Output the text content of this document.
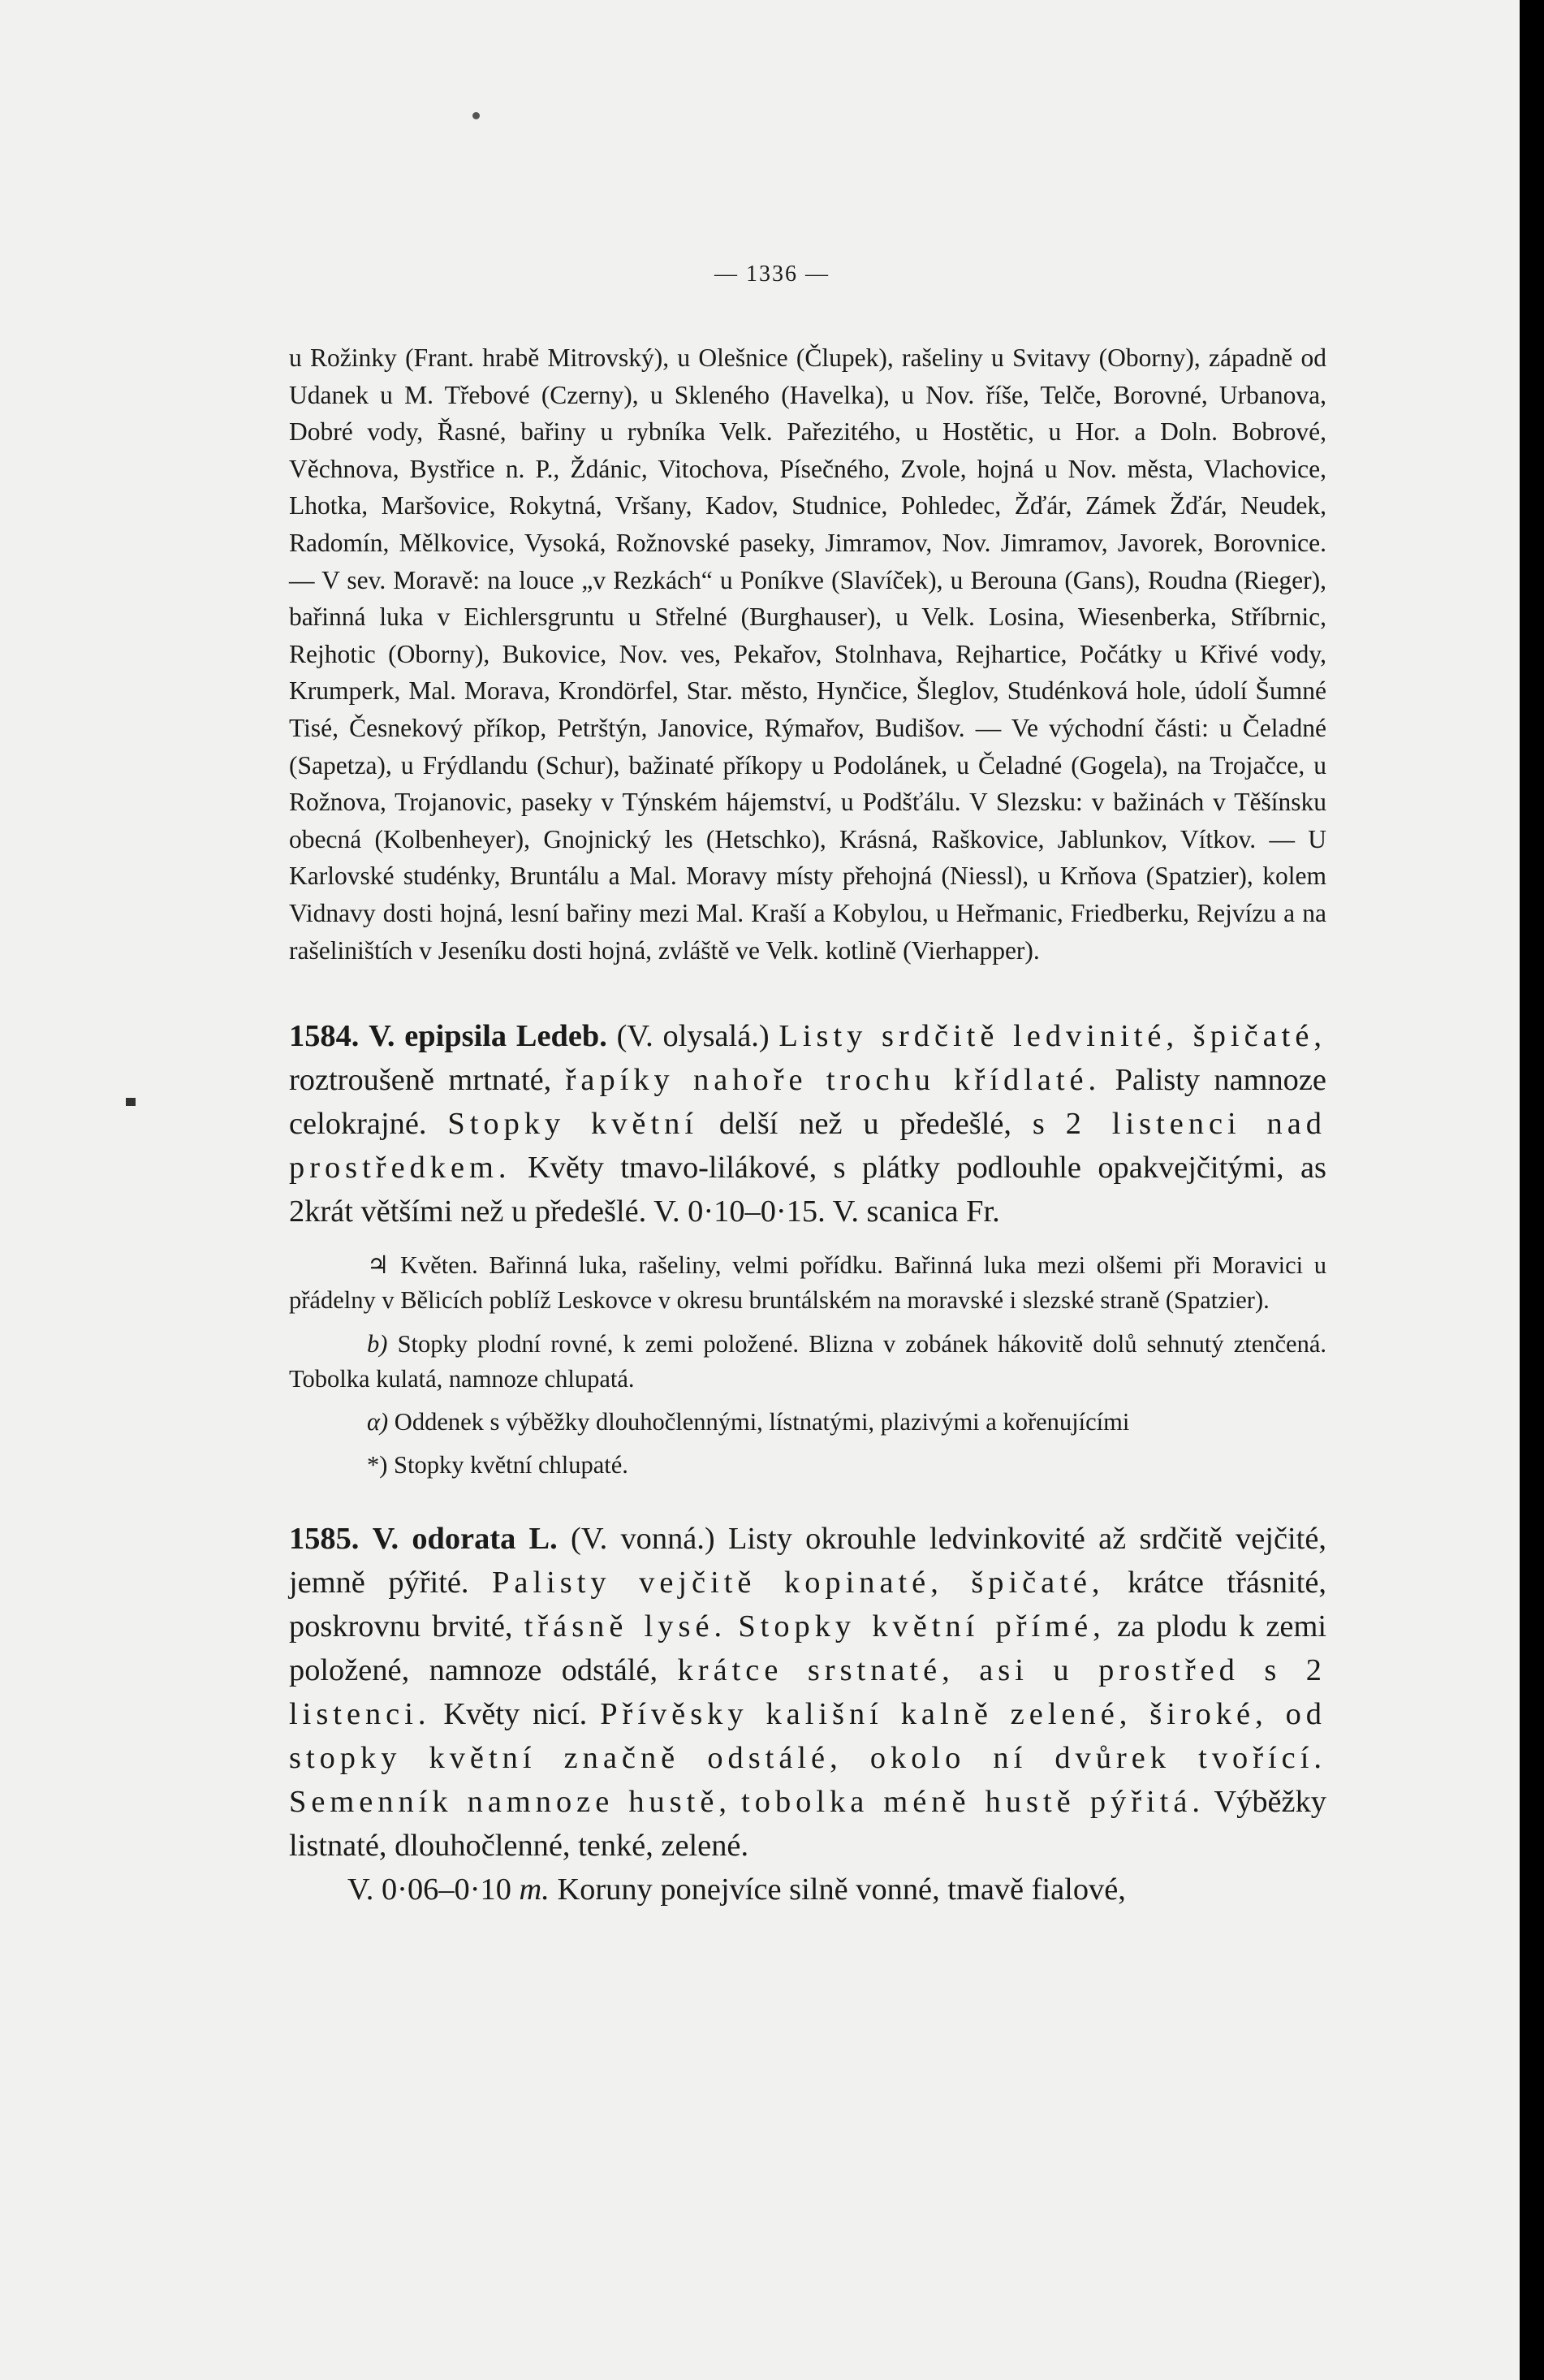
— 1336 —

u Rožinky (Frant. hrabě Mitrovský), u Olešnice (Člupek), rašeliny u Svitavy (Oborny), západně od Udanek u M. Třebové (Czerny), u Skleného (Havelka), u Nov. říše, Telče, Borovné, Urbanova, Dobré vody, Řasné, bařiny u rybníka Velk. Pařezitého, u Hostětic, u Hor. a Doln. Bobrové, Věchnova, Bystřice n. P., Ždánic, Vitochova, Písečného, Zvole, hojná u Nov. města, Vlachovice, Lhotka, Maršovice, Rokytná, Vršany, Kadov, Studnice, Pohledec, Žďár, Zámek Žďár, Neudek, Radomín, Mělkovice, Vysoká, Rožnovské paseky, Jimramov, Nov. Jimramov, Javorek, Borovnice. — V sev. Moravě: na louce „v Rezkách“ u Poníkve (Slavíček), u Berouna (Gans), Roudna (Rieger), bařinná luka v Eichlersgruntu u Střelné (Burghauser), u Velk. Losina, Wiesenberka, Stříbrnic, Rejhotic (Oborny), Bukovice, Nov. ves, Pekařov, Stolnhava, Rejhartice, Počátky u Křivé vody, Krumperk, Mal. Morava, Krondörfel, Star. město, Hynčice, Šleglov, Studénková hole, údolí Šumné Tisé, Česnekový příkop, Petrštýn, Janovice, Rýmařov, Budišov. — Ve východní části: u Čeladné (Sapetza), u Frýdlandu (Schur), bažinaté příkopy u Podolánek, u Čeladné (Gogela), na Trojačce, u Rožnova, Trojanovic, paseky v Týnském hájemství, u Podšťálu. V Slezsku: v bažinách v Těšínsku obecná (Kolbenheyer), Gnojnický les (Hetschko), Krásná, Raškovice, Jablunkov, Vítkov. — U Karlovské studénky, Bruntálu a Mal. Moravy místy přehojná (Niessl), u Krňova (Spatzier), kolem Vidnavy dosti hojná, lesní bařiny mezi Mal. Kraší a Kobylou, u Heřmanic, Friedberku, Rejvízu a na rašeliništích v Jeseníku dosti hojná, zvláště ve Velk. kotlině (Vierhapper).

1584. V. epipsila Ledeb. (V. olysalá.) Listy srdčitě ledvinité, špičaté, roztroušeně mrtnaté, řapíky nahoře trochu křídlaté. Palisty namnoze celokrajné. Stopky květní delší než u předešlé, s 2 listenci nad prostředkem. Květy tmavo-lilákové, s plátky podlouhle opakvejčitými, as 2krát většími než u předešlé. V. 0·10–0·15. V. scanica Fr.

♃ Květen. Bařinná luka, rašeliny, velmi pořídku. Bařinná luka mezi olšemi při Moravici u přádelny v Bělicích poblíž Leskovce v okresu bruntálském na moravské i slezské straně (Spatzier).

b) Stopky plodní rovné, k zemi položené. Blizna v zobánek hákovitě dolů sehnutý ztenčená. Tobolka kulatá, namnoze chlupatá.

α) Oddenek s výběžky dlouhočlennými, lístnatými, plazivými a kořenujícími

*) Stopky květní chlupaté.

1585. V. odorata L. (V. vonná.) Listy okrouhle ledvinkovité až srdčitě vejčité, jemně pýřité. Palisty vejčitě kopinaté, špičaté, krátce třásnité, poskrovnu brvité, třásně lysé. Stopky květní přímé, za plodu k zemi položené, namnoze odstálé, krátce srstnaté, asi u prostřed s 2 listenci. Květy nicí. Přívěsky kališní kalně zelené, široké, od stopky květní značně odstálé, okolo ní dvůrek tvořící. Semenník namnoze hustě, tobolka méně hustě pýřitá. Výběžky listnaté, dlouhočlenné, tenké, zelené.

V. 0·06–0·10 m. Koruny ponejvíce silně vonné, tmavě fialové,
